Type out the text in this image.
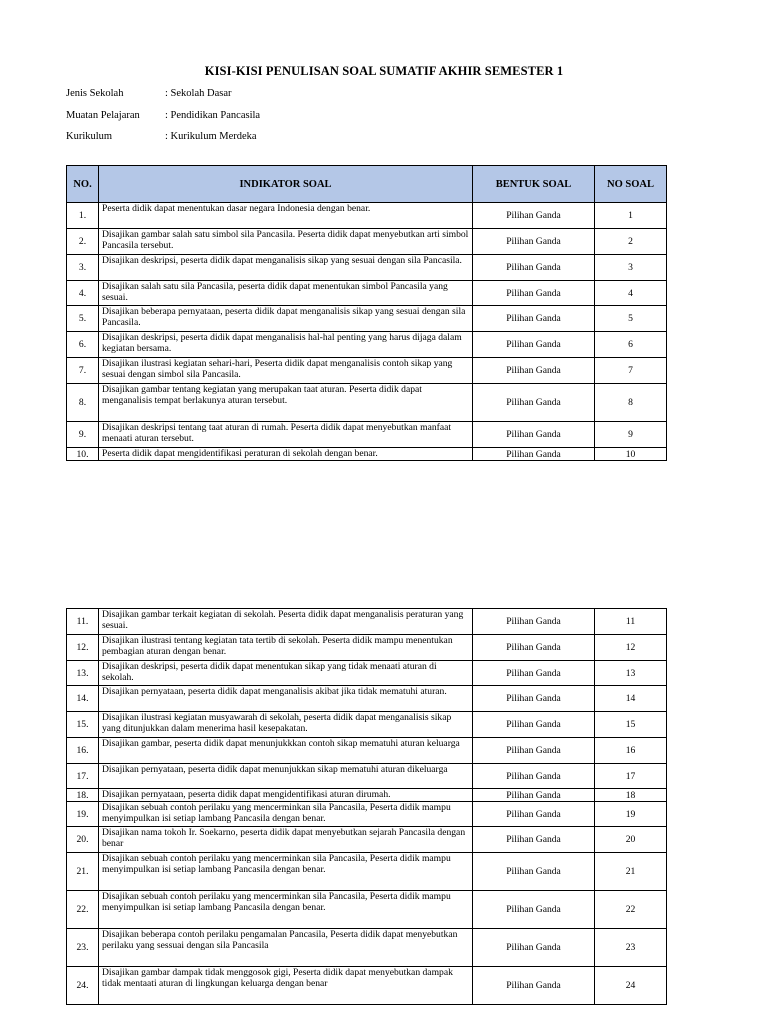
KISI-KISI PENULISAN SOAL SUMATIF AKHIR SEMESTER 1
Jenis Sekolah	: Sekolah Dasar
Muatan Pelajaran	: Pendidikan Pancasila
Kurikulum	: Kurikulum Merdeka
NO.	INDIKATOR SOAL	BENTUK SOAL	NO SOAL
1.	Peserta didik dapat menentukan dasar negara Indonesia dengan benar.	Pilihan Ganda	1
2.	Disajikan gambar salah satu simbol sila Pancasila. Peserta didik dapat menyebutkan arti simbol Pancasila tersebut.	Pilihan Ganda	2
3.	Disajikan deskripsi, peserta didik dapat menganalisis sikap yang sesuai dengan sila Pancasila.	Pilihan Ganda	3
4.	Disajikan salah satu sila Pancasila, peserta didik dapat menentukan simbol Pancasila yang sesuai.	Pilihan Ganda	4
5.	Disajikan beberapa pernyataan, peserta didik dapat menganalisis sikap yang sesuai dengan sila Pancasila.	Pilihan Ganda	5
6.	Disajikan deskripsi, peserta didik dapat menganalisis hal-hal penting yang harus dijaga dalam kegiatan bersama.	Pilihan Ganda	6
7.	Disajikan ilustrasi kegiatan sehari-hari, Peserta didik dapat menganalisis contoh sikap yang sesuai dengan simbol sila Pancasila.	Pilihan Ganda	7
8.	Disajikan gambar tentang kegiatan yang merupakan taat aturan. Peserta didik dapat menganalisis tempat berlakunya aturan tersebut.	Pilihan Ganda	8
9.	Disajikan deskripsi tentang taat aturan di rumah. Peserta didik dapat menyebutkan manfaat menaati aturan tersebut.	Pilihan Ganda	9
10.	Peserta didik dapat mengidentifikasi peraturan di sekolah dengan benar.	Pilihan Ganda	10
11.	Disajikan gambar terkait kegiatan di sekolah. Peserta didik dapat menganalisis peraturan yang sesuai.	Pilihan Ganda	11
12.	Disajikan ilustrasi tentang kegiatan tata tertib di sekolah. Peserta didik mampu menentukan pembagian aturan dengan benar.	Pilihan Ganda	12
13.	Disajikan deskripsi, peserta didik dapat menentukan sikap yang tidak menaati aturan di sekolah.	Pilihan Ganda	13
14.	Disajikan pernyataan, peserta didik dapat menganalisis akibat jika tidak mematuhi aturan.	Pilihan Ganda	14
15.	Disajikan ilustrasi kegiatan musyawarah di sekolah, peserta didik dapat menganalisis sikap yang ditunjukkan dalam menerima hasil kesepakatan.	Pilihan Ganda	15
16.	Disajikan gambar, peserta didik dapat menunjukkkan contoh sikap mematuhi aturan keluarga	Pilihan Ganda	16
17.	Disajikan pernyataan, peserta didik dapat menunjukkan sikap mematuhi aturan dikeluarga	Pilihan Ganda	17
18.	Disajikan pernyataan, peserta didik dapat mengidentifikasi aturan dirumah.	Pilihan Ganda	18
19.	Disajikan sebuah contoh perilaku yang mencerminkan sila Pancasila, Peserta didik mampu menyimpulkan isi setiap lambang Pancasila dengan benar.	Pilihan Ganda	19
20.	Disajikan nama tokoh Ir. Soekarno, peserta didik dapat menyebutkan sejarah Pancasila dengan benar	Pilihan Ganda	20
21.	Disajikan sebuah contoh perilaku yang mencerminkan sila Pancasila, Peserta didik mampu menyimpulkan isi setiap lambang Pancasila dengan benar.	Pilihan Ganda	21
22.	Disajikan sebuah contoh perilaku yang mencerminkan sila Pancasila, Peserta didik mampu menyimpulkan isi setiap lambang Pancasila dengan benar.	Pilihan Ganda	22
23.	Disajikan beberapa contoh perilaku pengamalan Pancasila, Peserta didik dapat menyebutkan perilaku yang sessuai dengan sila Pancasila	Pilihan Ganda	23
24.	Disajikan gambar dampak tidak menggosok gigi, Peserta didik dapat menyebutkan dampak tidak mentaati aturan di lingkungan keluarga dengan benar	Pilihan Ganda	24
